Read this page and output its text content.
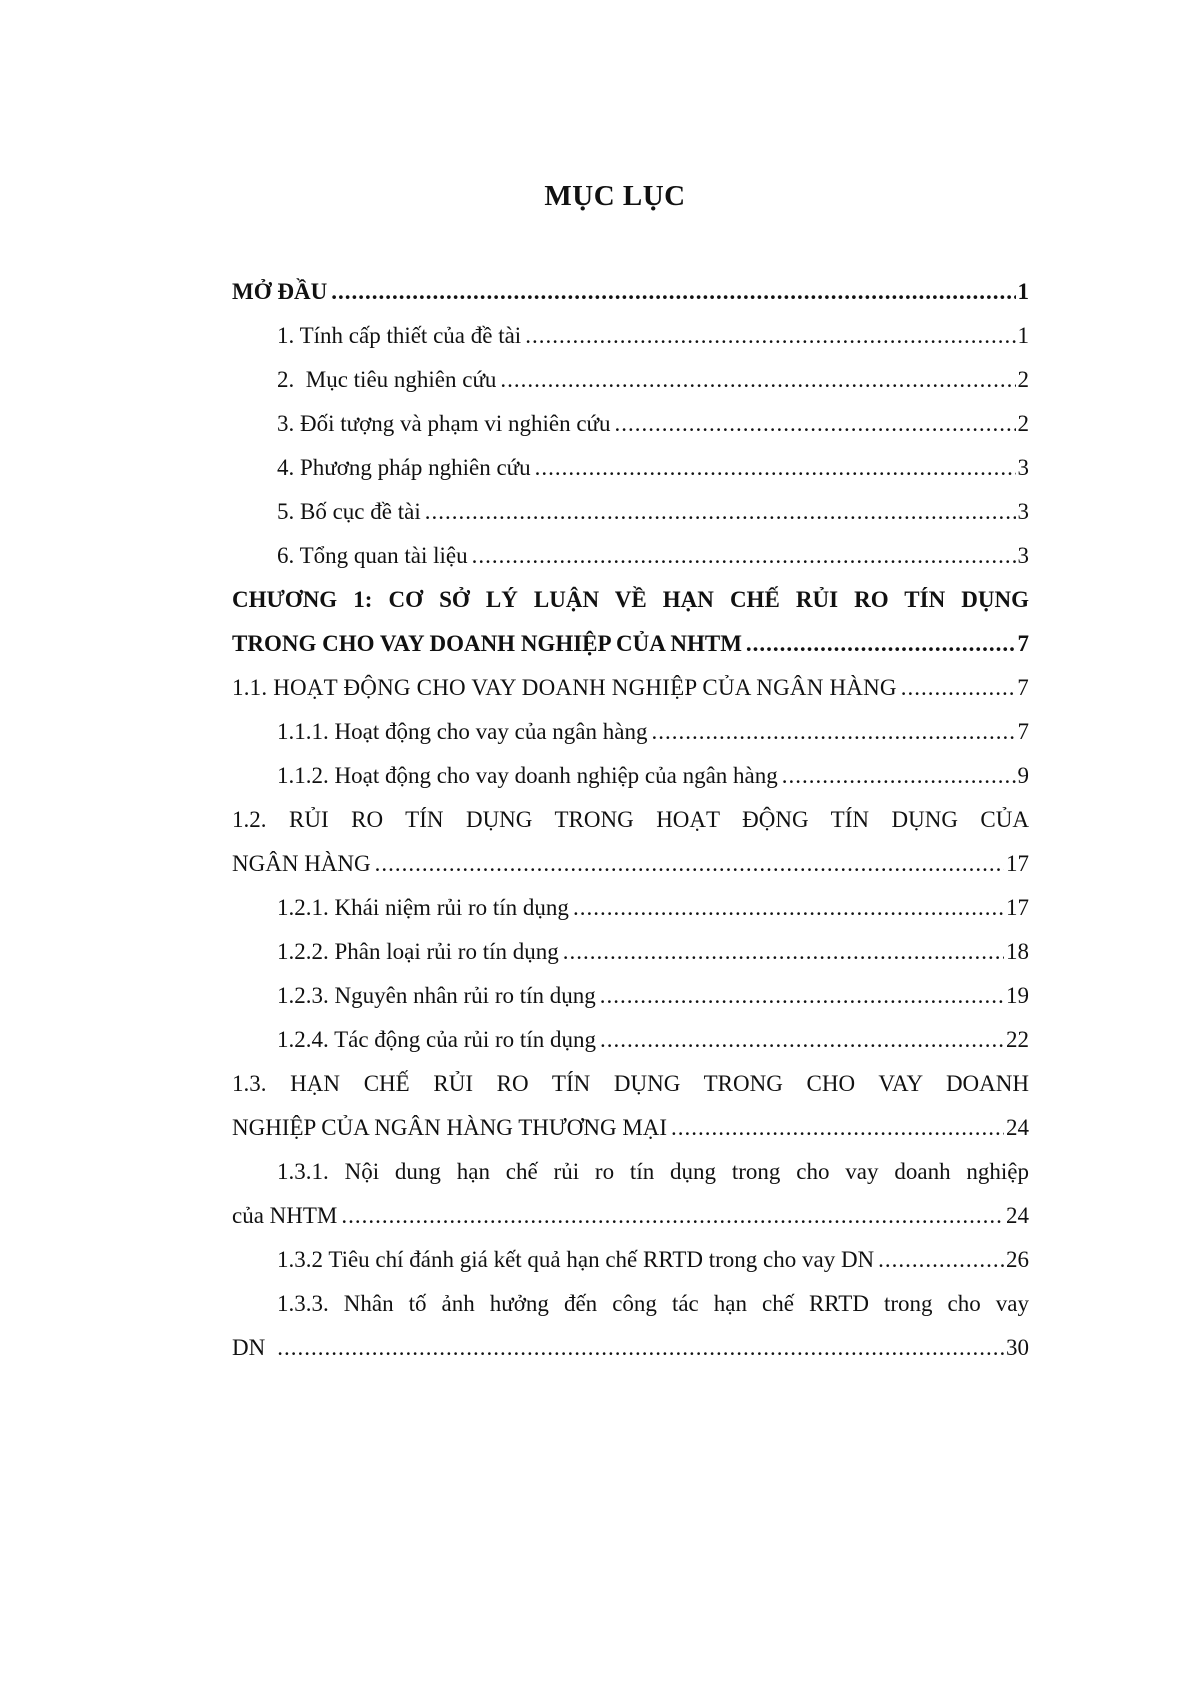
MỤC LỤC
MỞ ĐẦU .....	1
1. Tính cấp thiết của đề tài .....	1
2.  Mục tiêu nghiên cứu .....	2
3. Đối tượng và phạm vi nghiên cứu .....	2
4. Phương pháp nghiên cứu .....	3
5. Bố cục đề tài .....	3
6. Tổng quan tài liệu .....	3
CHƯƠNG 1: CƠ SỞ LÝ LUẬN VỀ HẠN CHẾ RỦI RO TÍN DỤNG
TRONG CHO VAY DOANH NGHIỆP CỦA NHTM .....	7
1.1. HOẠT ĐỘNG CHO VAY DOANH NGHIỆP CỦA NGÂN HÀNG .....	7
1.1.1. Hoạt động cho vay của ngân hàng .....	7
1.1.2. Hoạt động cho vay doanh nghiệp của ngân hàng .....	9
1.2. RỦI RO TÍN DỤNG TRONG HOẠT ĐỘNG TÍN DỤNG CỦA
NGÂN HÀNG .....	17
1.2.1. Khái niệm rủi ro tín dụng .....	17
1.2.2. Phân loại rủi ro tín dụng .....	18
1.2.3. Nguyên nhân rủi ro tín dụng .....	19
1.2.4. Tác động của rủi ro tín dụng .....	22
1.3. HẠN CHẾ RỦI RO TÍN DỤNG TRONG CHO VAY DOANH
NGHIỆP CỦA NGÂN HÀNG THƯƠNG MẠI .....	24
1.3.1. Nội dung hạn chế rủi ro tín dụng trong cho vay doanh nghiệp
của NHTM .....	24
1.3.2 Tiêu chí đánh giá kết quả hạn chế RRTD trong cho vay DN .....	26
1.3.3. Nhân tố ảnh hưởng đến công tác hạn chế RRTD trong cho vay
DN .....	30
